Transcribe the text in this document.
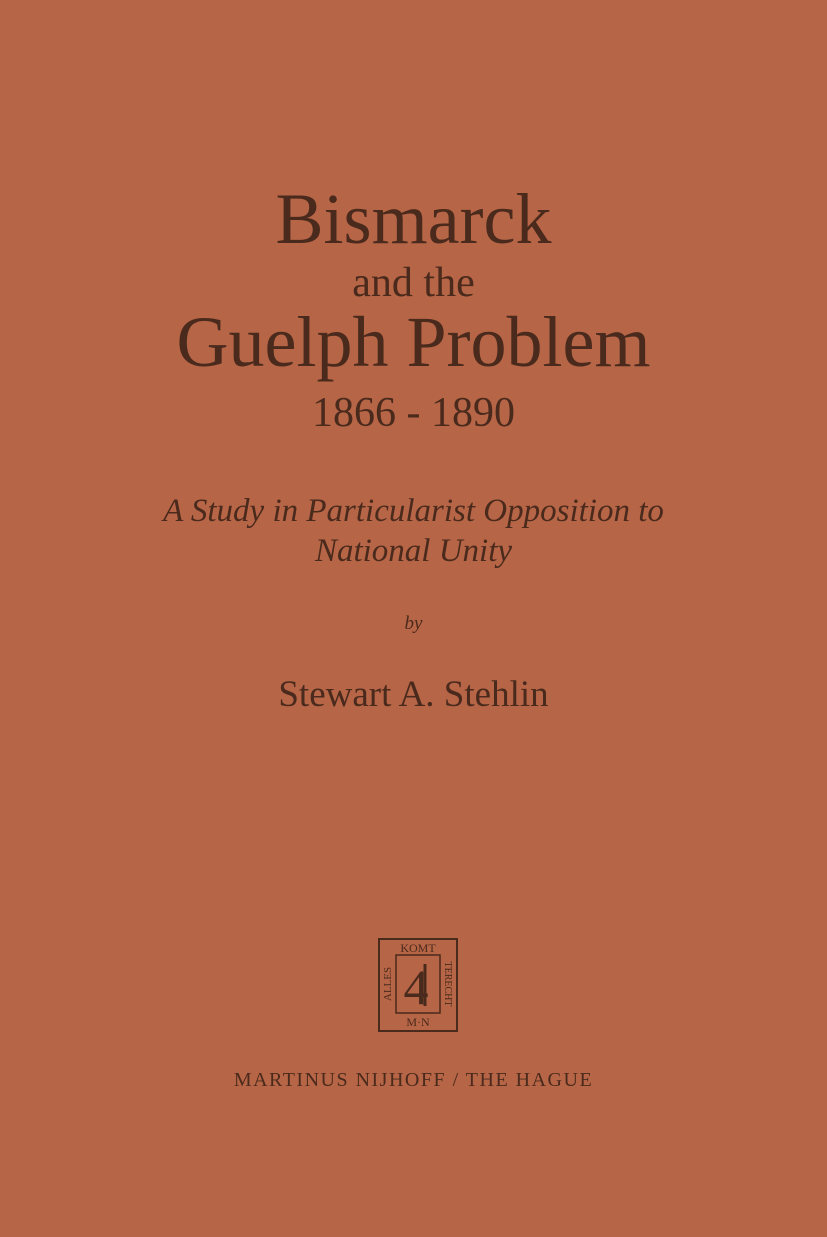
Bismarck
and the
Guelph Problem
1866 - 1890
A Study in Particularist Opposition to
National Unity
by
Stewart A. Stehlin
KOMT
M·N
ALLES	TERECHT
4
MARTINUS NIJHOFF / THE HAGUE
